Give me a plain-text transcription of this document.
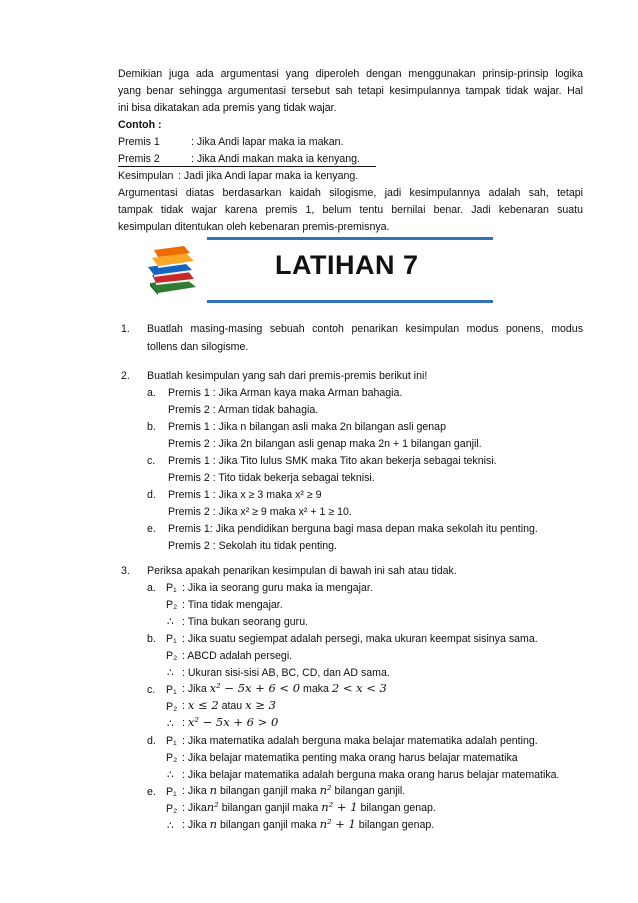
Demikian juga ada argumentasi yang diperoleh dengan menggunakan prinsip-prinsip logika
yang benar sehingga argumentasi tersebut sah tetapi kesimpulannya tampak tidak wajar. Hal
ini bisa dikatakan ada premis yang tidak wajar.
Contoh :
Premis 1	: Jika Andi lapar maka ia makan.
Premis 2	: Jika Andi makan maka ia kenyang.
Kesimpulan : Jadi jika Andi lapar maka ia kenyang.
Argumentasi diatas berdasarkan kaidah silogisme, jadi kesimpulannya adalah sah, tetapi
tampak tidak wajar karena premis 1, belum tentu bernilai benar. Jadi kebenaran suatu
kesimpulan ditentukan oleh kebenaran premis-premisnya.
LATIHAN 7
1. Buatlah masing-masing sebuah contoh penarikan kesimpulan modus ponens, modus
tollens dan silogisme.
2. Buatlah kesimpulan yang sah dari premis-premis berikut ini!
a. Premis 1 : Jika Arman kaya maka Arman bahagia.
Premis 2 : Arman tidak bahagia.
b. Premis 1 : Jika n bilangan asli maka 2n bilangan asli genap
Premis 2 : Jika 2n bilangan asli genap maka 2n + 1 bilangan ganjil.
c. Premis 1 : Jika Tito lulus SMK maka Tito akan bekerja sebagai teknisi.
Premis 2 : Tito tidak bekerja sebagai teknisi.
d. Premis 1 : Jika x ≥ 3 maka x² ≥ 9
Premis 2 : Jika x² ≥ 9 maka x² + 1 ≥ 10.
e. Premis 1: Jika pendidikan berguna bagi masa depan maka sekolah itu penting.
Premis 2 : Sekolah itu tidak penting.
3. Periksa apakah penarikan kesimpulan di bawah ini sah atau tidak.
a. P₁ : Jika ia seorang guru maka ia mengajar.
P₂ : Tina tidak mengajar.
∴ : Tina bukan seorang guru.
b. P₁ : Jika suatu segiempat adalah persegi, maka ukuran keempat sisinya sama.
P₂ : ABCD adalah persegi.
∴ : Ukuran sisi-sisi AB, BC, CD, dan AD sama.
c. P₁ : Jika x² − 5x + 6 < 0 maka 2 < x < 3
P₂ : x ≤ 2 atau x ≥ 3
∴ : x² − 5x + 6 > 0
d. P₁ : Jika matematika adalah berguna maka belajar matematika adalah penting.
P₂ : Jika belajar matematika penting maka orang harus belajar matematika
∴ : Jika belajar matematika adalah berguna maka orang harus belajar matematika.
e. P₁ : Jika n bilangan ganjil maka n² bilangan ganjil.
P₂ : Jikan² bilangan ganjil maka n² + 1 bilangan genap.
∴ : Jika n bilangan ganjil maka n² + 1 bilangan genap.
